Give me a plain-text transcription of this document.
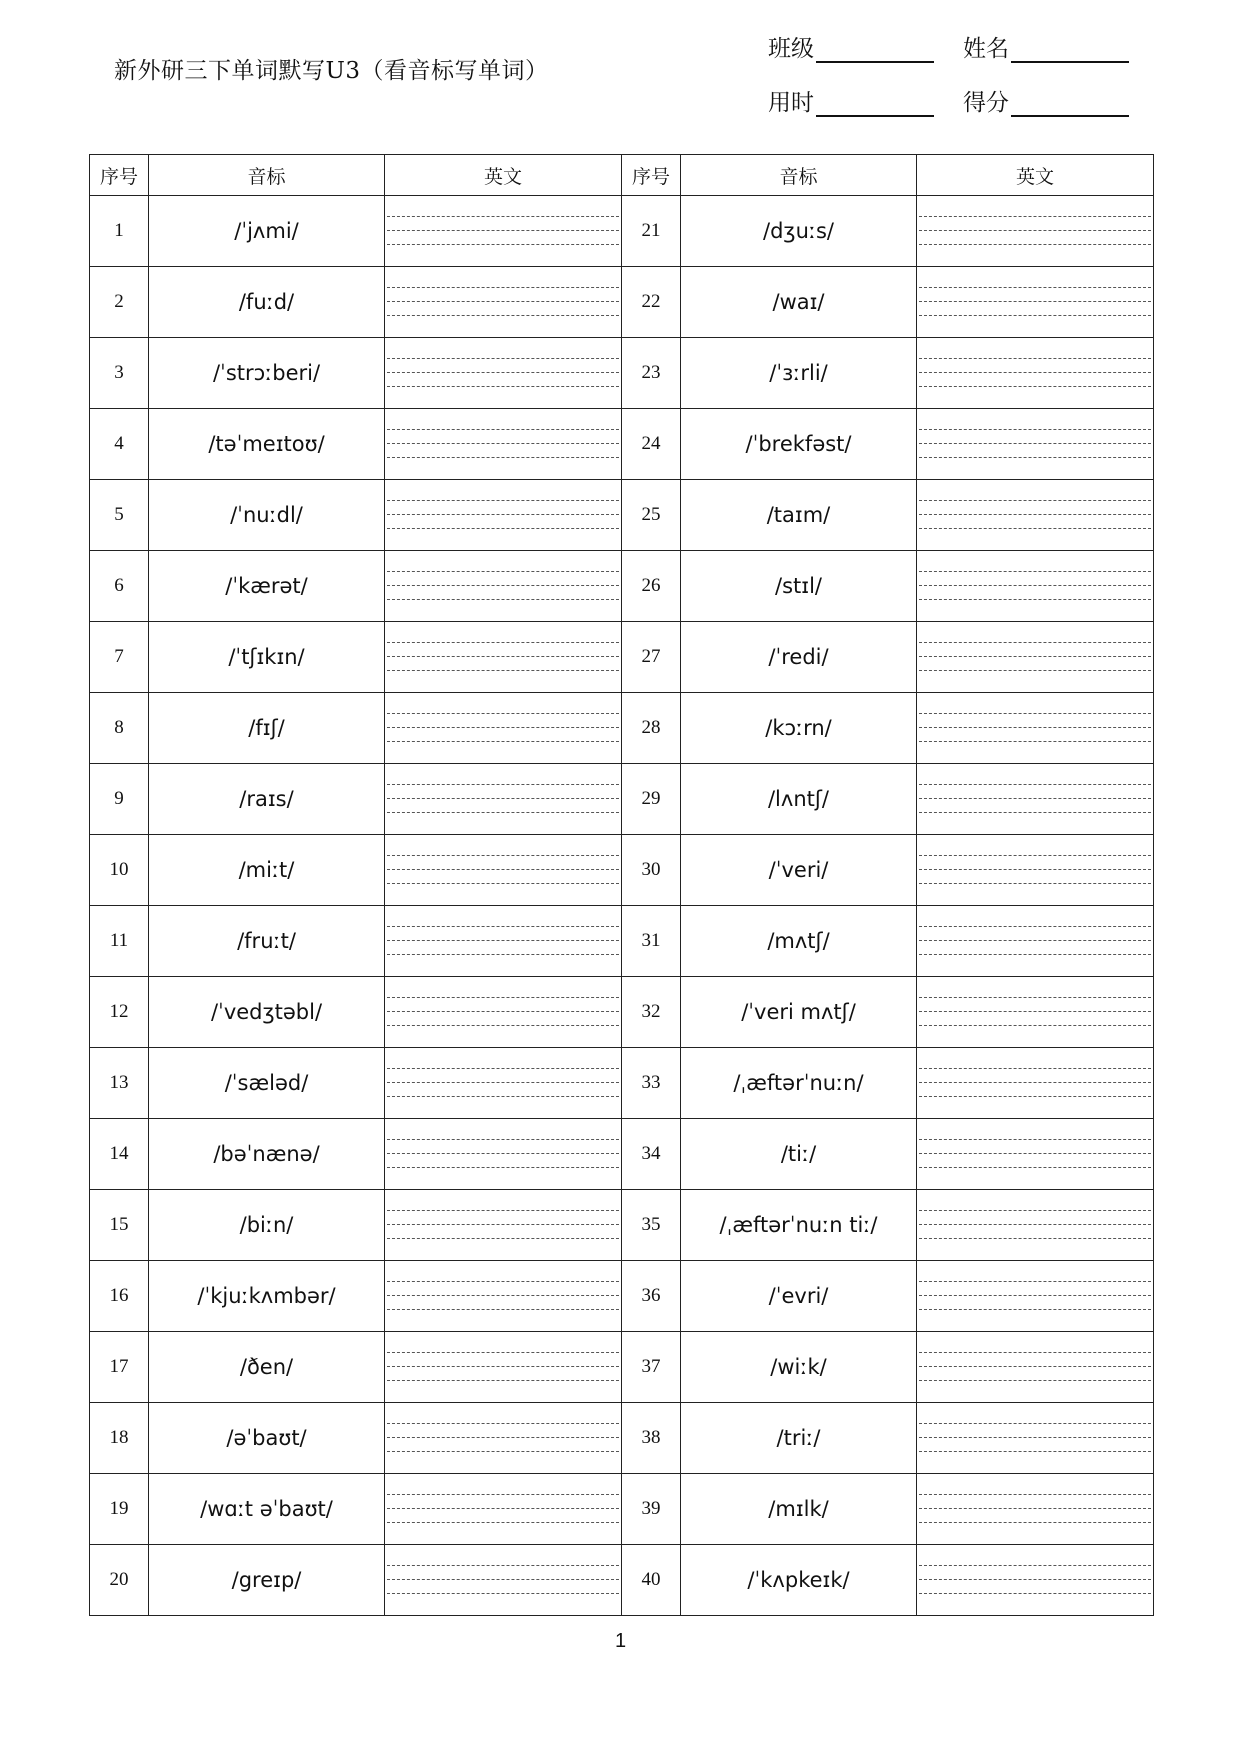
新外研三下单词默写U3（看音标写单词）
班级	姓名
用时	得分
序号	音标	英文	序号	音标	英文
1	/ˈjʌmi/		21	/dʒuːs/	

2	/fuːd/		22	/waɪ/	

3	/ˈstrɔːberi/		23	/ˈɜːrli/	

4	/təˈmeɪtoʊ/		24	/ˈbrekfəst/	

5	/ˈnuːdl/		25	/taɪm/	

6	/ˈkærət/		26	/stɪl/	

7	/ˈtʃɪkɪn/		27	/ˈredi/	

8	/fɪʃ/		28	/kɔːrn/	

9	/raɪs/		29	/lʌntʃ/	

10	/miːt/		30	/ˈveri/	

11	/fruːt/		31	/mʌtʃ/	

12	/ˈvedʒtəbl/		32	/ˈveri mʌtʃ/	

13	/ˈsæləd/		33	/ˌæftərˈnuːn/	

14	/bəˈnænə/		34	/tiː/	

15	/biːn/		35	/ˌæftərˈnuːn tiː/	

16	/ˈkjuːkʌmbər/		36	/ˈevri/	

17	/ðen/		37	/wiːk/	

18	/əˈbaʊt/		38	/triː/	

19	/wɑːt əˈbaʊt/		39	/mɪlk/	

20	/greɪp/		40	/ˈkʌpkeɪk/	
1
